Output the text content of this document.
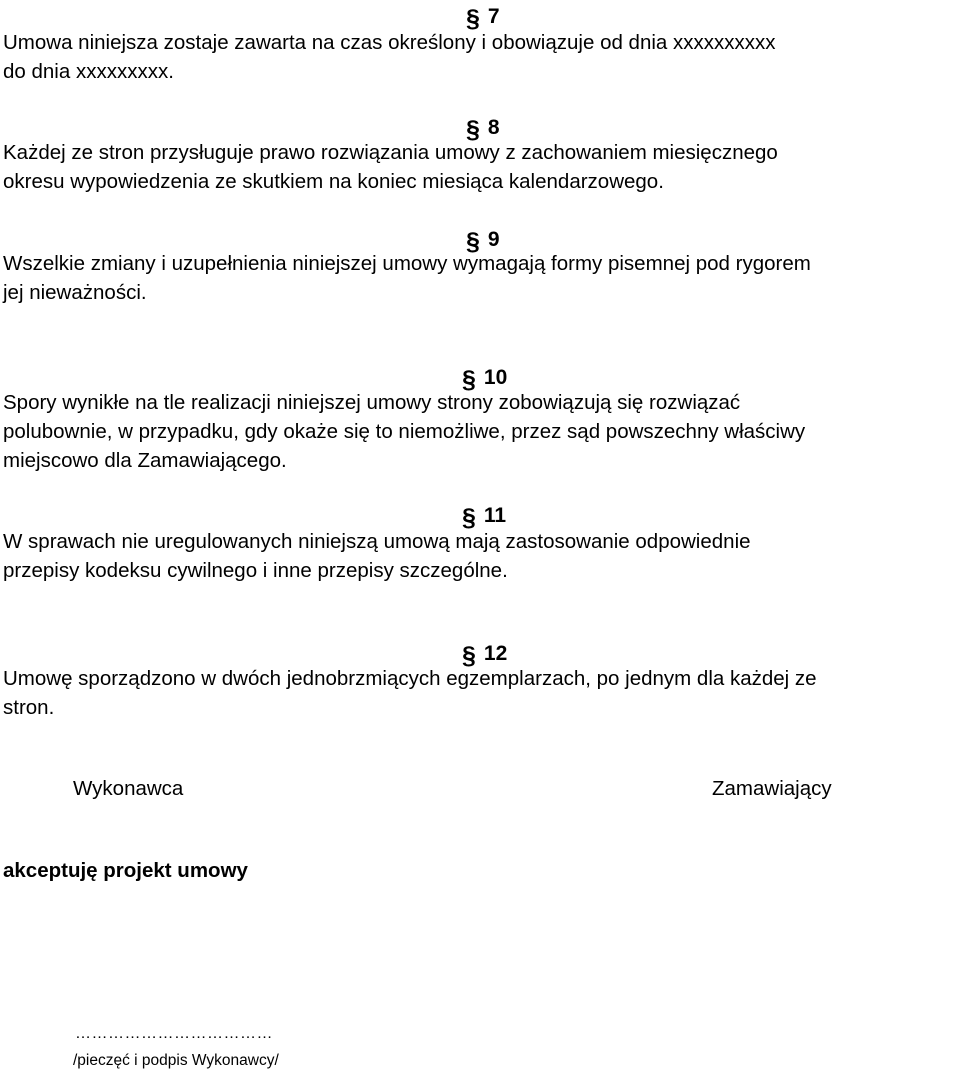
§ 7
Umowa niniejsza zostaje zawarta na czas określony i obowiązuje od dnia xxxxxxxxxx
do dnia xxxxxxxxx.
§ 8
Każdej ze stron przysługuje prawo rozwiązania umowy z zachowaniem miesięcznego
okresu wypowiedzenia ze skutkiem na koniec miesiąca kalendarzowego.
§ 9
Wszelkie zmiany i uzupełnienia niniejszej umowy wymagają formy pisemnej pod rygorem
jej nieważności.
§ 10
Spory wynikłe na tle realizacji niniejszej umowy strony zobowiązują się rozwiązać
polubownie, w przypadku, gdy okaże się to niemożliwe, przez sąd powszechny właściwy
miejscowo dla Zamawiającego.
§ 11
W sprawach nie uregulowanych niniejszą umową mają zastosowanie odpowiednie
przepisy kodeksu cywilnego i inne przepisy szczególne.
§ 12
Umowę sporządzono w dwóch jednobrzmiących egzemplarzach, po jednym dla każdej ze
stron.
Wykonawca	Zamawiający
akceptuję projekt umowy
………………………………
/pieczęć i podpis Wykonawcy/
